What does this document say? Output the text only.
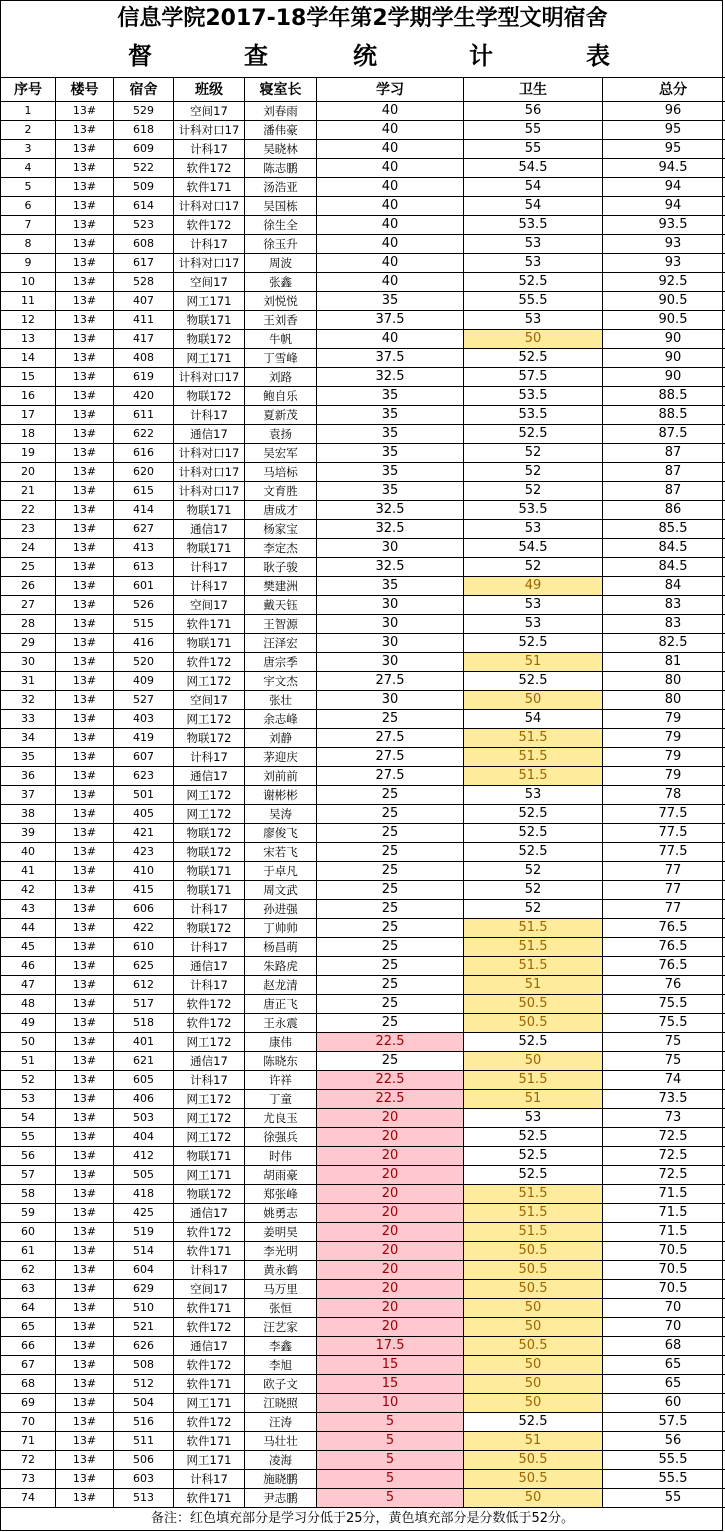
信息学院2017-18学年第2学期学生学型文明宿舍
督	查	统	计	表
序号	楼号	宿舍	班级	寝室长	学习	卫生	总分
1	13#	529	空间17	刘春雨	40	56	96
2	13#	618	计科对口17	潘伟豪	40	55	95
3	13#	609	计科17	吴晓林	40	55	95
4	13#	522	软件172	陈志鹏	40	54.5	94.5
5	13#	509	软件171	汤浩亚	40	54	94
6	13#	614	计科对口17	吴国栋	40	54	94
7	13#	523	软件172	徐生全	40	53.5	93.5
8	13#	608	计科17	徐玉升	40	53	93
9	13#	617	计科对口17	周波	40	53	93
10	13#	528	空间17	张鑫	40	52.5	92.5
11	13#	407	网工171	刘悦悦	35	55.5	90.5
12	13#	411	物联171	王刘香	37.5	53	90.5
13	13#	417	物联172	牛帆	40	50	90
14	13#	408	网工171	丁雪峰	37.5	52.5	90
15	13#	619	计科对口17	刘路	32.5	57.5	90
16	13#	420	物联172	鲍自乐	35	53.5	88.5
17	13#	611	计科17	夏新茂	35	53.5	88.5
18	13#	622	通信17	袁扬	35	52.5	87.5
19	13#	616	计科对口17	吴宏军	35	52	87
20	13#	620	计科对口17	马培标	35	52	87
21	13#	615	计科对口17	文育胜	35	52	87
22	13#	414	物联171	唐成才	32.5	53.5	86
23	13#	627	通信17	杨家宝	32.5	53	85.5
24	13#	413	物联171	李定杰	30	54.5	84.5
25	13#	613	计科17	耿子骏	32.5	52	84.5
26	13#	601	计科17	樊建洲	35	49	84
27	13#	526	空间17	戴天钰	30	53	83
28	13#	515	软件171	王智源	30	53	83
29	13#	416	物联171	汪泽宏	30	52.5	82.5
30	13#	520	软件172	唐宗季	30	51	81
31	13#	409	网工172	宇文杰	27.5	52.5	80
32	13#	527	空间17	张壮	30	50	80
33	13#	403	网工172	余志峰	25	54	79
34	13#	419	物联172	刘静	27.5	51.5	79
35	13#	607	计科17	茅迎庆	27.5	51.5	79
36	13#	623	通信17	刘前前	27.5	51.5	79
37	13#	501	网工172	谢彬彬	25	53	78
38	13#	405	网工172	吴涛	25	52.5	77.5
39	13#	421	物联172	廖俊飞	25	52.5	77.5
40	13#	423	物联172	宋若飞	25	52.5	77.5
41	13#	410	物联171	于卓凡	25	52	77
42	13#	415	物联171	周文武	25	52	77
43	13#	606	计科17	孙进强	25	52	77
44	13#	422	物联172	丁帅帅	25	51.5	76.5
45	13#	610	计科17	杨昌萌	25	51.5	76.5
46	13#	625	通信17	朱路虎	25	51.5	76.5
47	13#	612	计科17	赵龙清	25	51	76
48	13#	517	软件172	唐正飞	25	50.5	75.5
49	13#	518	软件172	王永震	25	50.5	75.5
50	13#	401	网工172	康伟	22.5	52.5	75
51	13#	621	通信17	陈晓东	25	50	75
52	13#	605	计科17	许祥	22.5	51.5	74
53	13#	406	网工172	丁童	22.5	51	73.5
54	13#	503	网工172	尤良玉	20	53	73
55	13#	404	网工172	徐强兵	20	52.5	72.5
56	13#	412	物联171	时伟	20	52.5	72.5
57	13#	505	网工171	胡雨豪	20	52.5	72.5
58	13#	418	物联172	郑张峰	20	51.5	71.5
59	13#	425	通信17	姚勇志	20	51.5	71.5
60	13#	519	软件172	姜明昊	20	51.5	71.5
61	13#	514	软件171	李光明	20	50.5	70.5
62	13#	604	计科17	黄永鹤	20	50.5	70.5
63	13#	629	空间17	马万里	20	50.5	70.5
64	13#	510	软件171	张恒	20	50	70
65	13#	521	软件172	汪艺家	20	50	70
66	13#	626	通信17	李鑫	17.5	50.5	68
67	13#	508	软件172	李旭	15	50	65
68	13#	512	软件171	欧子文	15	50	65
69	13#	504	网工171	江晓照	10	50	60
70	13#	516	软件172	汪涛	5	52.5	57.5
71	13#	511	软件171	马壮壮	5	51	56
72	13#	506	网工171	凌海	5	50.5	55.5
73	13#	603	计科17	施晓鹏	5	50.5	55.5
74	13#	513	软件171	尹志鹏	5	50	55
备注：红色填充部分是学习分低于25分，黄色填充部分是分数低于52分。
